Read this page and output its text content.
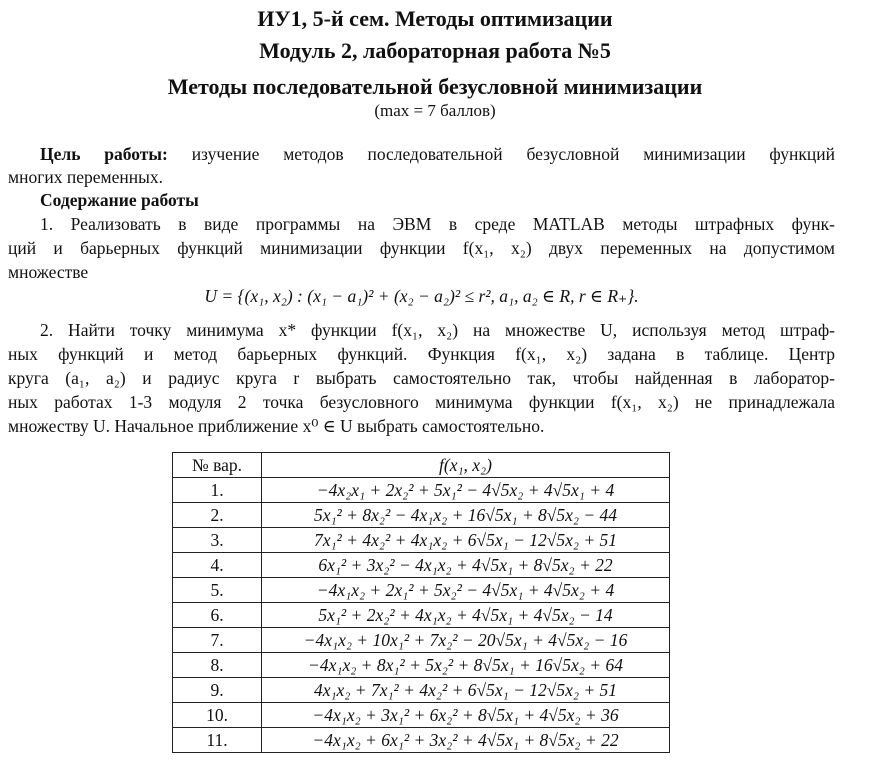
ИУ1, 5-й сем. Методы оптимизации
Модуль 2, лабораторная работа №5
Методы последовательной безусловной минимизации
(max = 7 баллов)
Цель работы: изучение методов последовательной безусловной минимизации функций
многих переменных.
Содержание работы
1. Реализовать в виде программы на ЭВМ в среде MATLAB методы штрафных функ-
ций и барьерных функций минимизации функции f(x₁, x₂) двух переменных на допустимом
множестве
U = {(x₁, x₂) : (x₁ − a₁)² + (x₂ − a₂)² ≤ r², a₁, a₂ ∈ R, r ∈ R₊}.
2. Найти точку минимума x* функции f(x₁, x₂) на множестве U, используя метод штраф-
ных функций и метод барьерных функций. Функция f(x₁, x₂) задана в таблице. Центр
круга (a₁, a₂) и радиус круга r выбрать самостоятельно так, чтобы найденная в лаборатор-
ных работах 1-3 модуля 2 точка безусловного минимума функции f(x₁, x₂) не принадлежала
множеству U. Начальное приближение x⁰ ∈ U выбрать самостоятельно.
№ вар.	f(x₁, x₂)
1.	−4x₂x₁ + 2x₂² + 5x₁² − 4√5x₂ + 4√5x₁ + 4
2.	5x₁² + 8x₂² − 4x₁x₂ + 16√5x₁ + 8√5x₂ − 44
3.	7x₁² + 4x₂² + 4x₁x₂ + 6√5x₁ − 12√5x₂ + 51
4.	6x₁² + 3x₂² − 4x₁x₂ + 4√5x₁ + 8√5x₂ + 22
5.	−4x₁x₂ + 2x₁² + 5x₂² − 4√5x₁ + 4√5x₂ + 4
6.	5x₁² + 2x₂² + 4x₁x₂ + 4√5x₁ + 4√5x₂ − 14
7.	−4x₁x₂ + 10x₁² + 7x₂² − 20√5x₁ + 4√5x₂ − 16
8.	−4x₁x₂ + 8x₁² + 5x₂² + 8√5x₁ + 16√5x₂ + 64
9.	4x₁x₂ + 7x₁² + 4x₂² + 6√5x₁ − 12√5x₂ + 51
10.	−4x₁x₂ + 3x₁² + 6x₂² + 8√5x₁ + 4√5x₂ + 36
11.	−4x₁x₂ + 6x₁² + 3x₂² + 4√5x₁ + 8√5x₂ + 22
